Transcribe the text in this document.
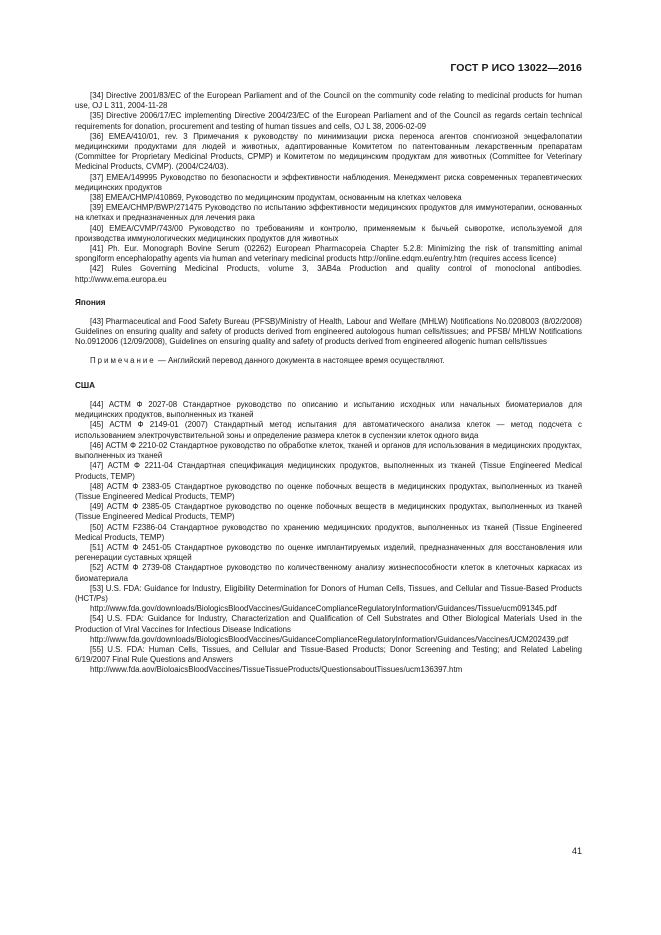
ГОСТ Р ИСО 13022—2016

[34] Directive 2001/83/EC of the European Parliament and of the Council on the community code relating to medicinal products for human use, OJ L 311, 2004-11-28

[35] Directive 2006/17/EC implementing Directive 2004/23/EC of the European Parliament and of the Council as regards certain technical requirements for donation, procurement and testing of human tissues and cells, OJ L 38, 2006-02-09

[36] EMEA/410/01, rev. 3 Примечания к руководству по минимизации риска переноса агентов спонгиозной энцефалопатии медицинскими продуктами для людей и животных, адаптированные Комитетом по патентованным лекарственным препаратам (Committee for Proprietary Medicinal Products, CPMP) и Комитетом по медицинским продуктам для животных (Committee for Veterinary Medicinal Products, CVMP). (2004/C24/03).

[37] EMEA/149995 Руководство по безопасности и эффективности наблюдения. Менеджмент риска современных терапевтических медицинских продуктов

[38] EMEA/CHMP/410869, Руководство по медицинским продуктам, основанным на клетках человека

[39] EMEA/CHMP/BWP/271475 Руководство по испытанию эффективности медицинских продуктов для иммунотерапии, основанных на клетках и предназначенных для лечения рака

[40] EMEA/CVMP/743/00 Руководство по требованиям и контролю, применяемым к бычьей сыворотке, используемой для производства иммунологических медицинских продуктов для животных

[41] Ph. Eur. Monograph Bovine Serum (02262) European Pharmacopeia Chapter 5.2.8: Minimizing the risk of transmitting animal spongiform encephalopathy agents via human and veterinary medicinal products http://online.edqm.eu/entry.htm (requires access licence)

[42] Rules Governing Medicinal Products, volume 3, 3AB4a Production and quality control of monoclonal antibodies. http://www.ema.europa.eu

Япония

[43] Pharmaceutical and Food Safety Bureau (PFSB)/Ministry of Health, Labour and Welfare (MHLW) Notifications No.0208003 (8/02/2008) Guidelines on ensuring quality and safety of products derived from engineered autologous human cells/tissues; and PFSB/ MHLW Notifications No.0912006 (12/09/2008), Guidelines on ensuring quality and safety of products derived from engineered allogenic human cells/tissues

Примечание — Английский перевод данного документа в настоящее время осуществляют.

США

[44] АСТМ Ф 2027-08 Стандартное руководство по описанию и испытанию исходных или начальных биоматериалов для медицинских продуктов, выполненных из тканей

[45] АСТМ Ф 2149-01 (2007) Стандартный метод испытания для автоматического анализа клеток — метод подсчета с использованием электрочувствительной зоны и определение размера клеток в суспензии клеток одного вида

[46] АСТМ Ф 2210-02 Стандартное руководство по обработке клеток, тканей и органов для использования в медицинских продуктах, выполненных из тканей

[47] АСТМ Ф 2211-04 Стандартная спецификация медицинских продуктов, выполненных из тканей (Tissue Engineered Medical Products, TEMP)

[48] АСТМ Ф 2383-05 Стандартное руководство по оценке побочных веществ в медицинских продуктах, выполненных из тканей (Tissue Engineered Medical Products, TEMP)

[49] АСТМ Ф 2385-05 Стандартное руководство по оценке побочных веществ в медицинских продуктах, выполненных из тканей (Tissue Engineered Medical Products, TEMP)

[50] АСТМ F2386-04 Стандартное руководство по хранению медицинских продуктов, выполненных из тканей (Tissue Engineered Medical Products, TEMP)

[51] АСТМ Ф 2451-05 Стандартное руководство по оценке имплантируемых изделий, предназначенных для восстановления или регенерации суставных хрящей

[52] АСТМ Ф 2739-08 Стандартное руководство по количественному анализу жизнеспособности клеток в клеточных каркасах из биоматериала

[53] U.S. FDA: Guidance for Industry, Eligibility Determination for Donors of Human Cells, Tissues, and Cellular and Tissue-Based Products (HCT/Ps)

http://www.fda.gov/downloads/BiologicsBloodVaccines/GuidanceComplianceRegulatoryInformation/Guidances/Tissue/ucm091345.pdf

[54] U.S. FDA: Guidance for Industry, Characterization and Qualification of Cell Substrates and Other Biological Materials Used in the Production of Viral Vaccines for Infectious Disease Indications

http://www.fda.gov/downloads/BiologicsBloodVaccines/GuidanceComplianceRegulatoryInformation/Guidances/Vaccines/UCM202439.pdf

[55] U.S. FDA: Human Cells, Tissues, and Cellular and Tissue-Based Products; Donor Screening and Testing; and Related Labeling 6/19/2007 Final Rule Questions and Answers

http://www.fda.aov/BioloaicsBloodVaccines/TissueTissueProducts/QuestionsaboutTissues/ucm136397.htm

41
